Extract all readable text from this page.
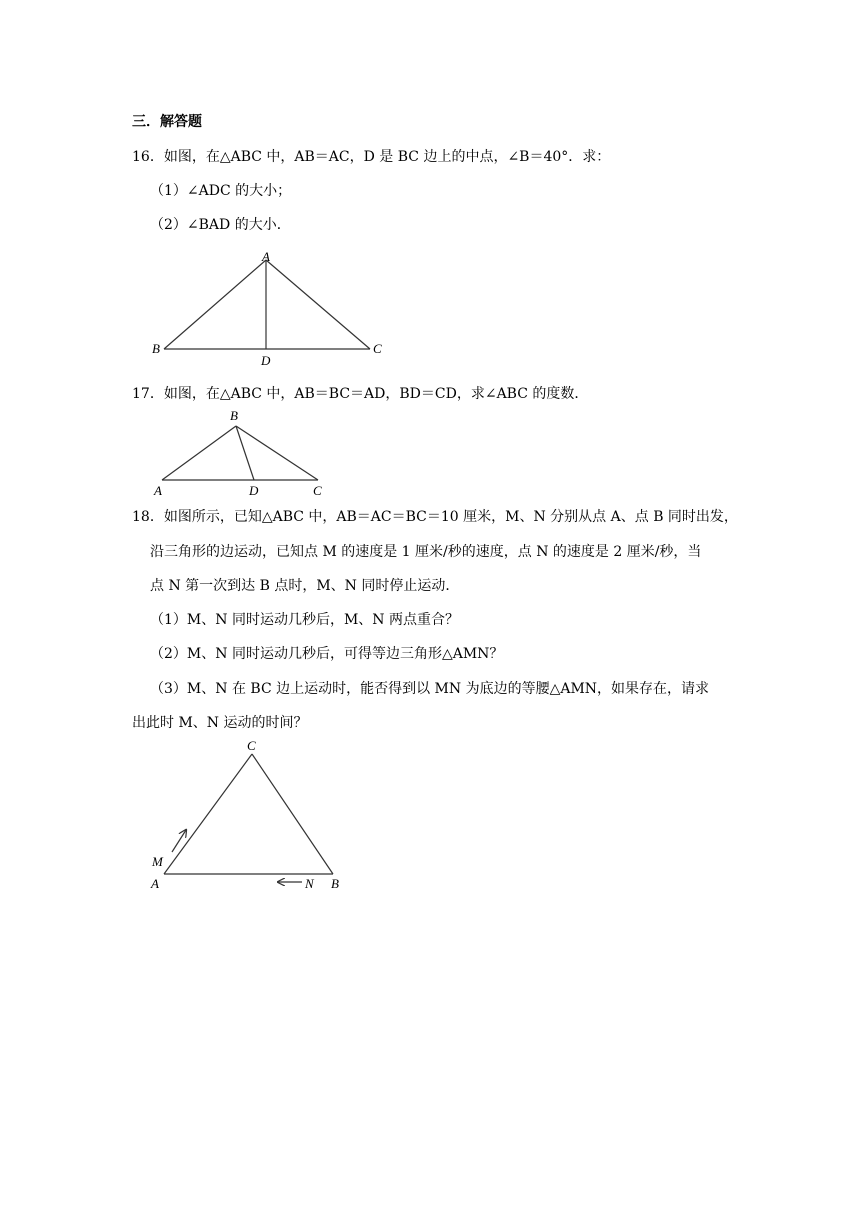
三．解答题
16．如图，在△ABC 中，AB＝AC，D 是 BC 边上的中点，∠B＝40°．求：
（1）∠ADC 的大小；
（2）∠BAD 的大小．
A
B	C
D
17．如图，在△ABC 中，AB＝BC＝AD，BD＝CD，求∠ABC 的度数．
B
A	D	C
18．如图所示，已知△ABC 中，AB＝AC＝BC＝10 厘米，M、N 分别从点 A、点 B 同时出发，
沿三角形的边运动，已知点 M 的速度是 1 厘米/秒的速度，点 N 的速度是 2 厘米/秒，当
点 N 第一次到达 B 点时，M、N 同时停止运动．
（1）M、N 同时运动几秒后，M、N 两点重合？
（2）M、N 同时运动几秒后，可得等边三角形△AMN？
（3）M、N 在 BC 边上运动时，能否得到以 MN 为底边的等腰△AMN，如果存在，请求
出此时 M、N 运动的时间？
C
M
A	N B
